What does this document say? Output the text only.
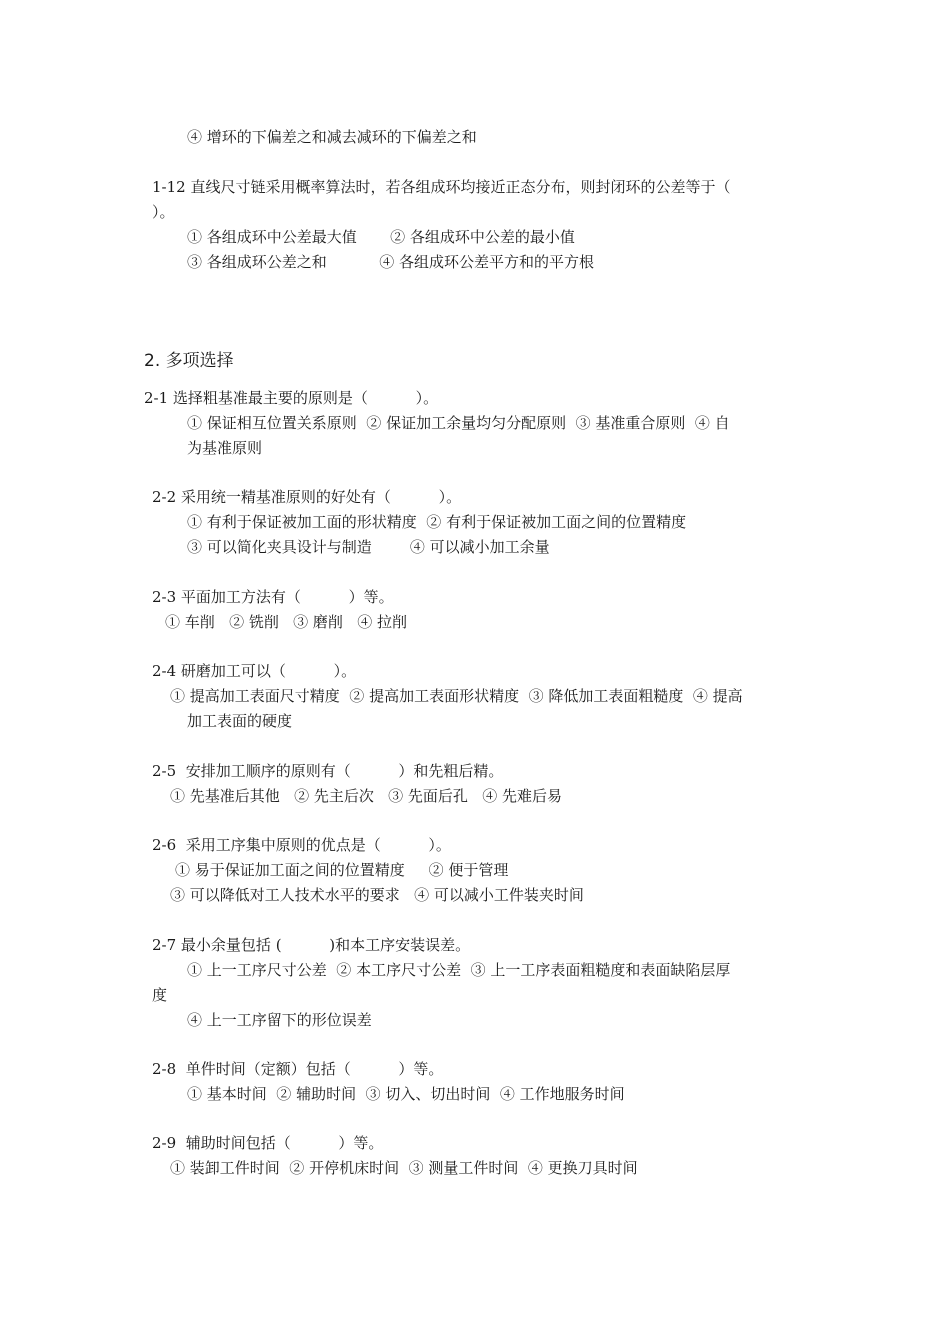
④ 增环的下偏差之和减去减环的下偏差之和
1-12 直线尺寸链采用概率算法时，若各组成环均接近正态分布，则封闭环的公差等于（
）。
① 各组成环中公差最大值       ② 各组成环中公差的最小值
③ 各组成环公差之和           ④ 各组成环公差平方和的平方根
2. 多项选择
2-1 选择粗基准最主要的原则是（          ）。
① 保证相互位置关系原则  ② 保证加工余量均匀分配原则  ③ 基准重合原则  ④ 自
为基准原则
2-2 采用统一精基准原则的好处有（          ）。
① 有利于保证被加工面的形状精度  ② 有利于保证被加工面之间的位置精度
③ 可以简化夹具设计与制造        ④ 可以减小加工余量
2-3 平面加工方法有（          ）等。
① 车削   ② 铣削   ③ 磨削   ④ 拉削
2-4 研磨加工可以（          ）。
① 提高加工表面尺寸精度  ② 提高加工表面形状精度  ③ 降低加工表面粗糙度  ④ 提高
加工表面的硬度
2-5  安排加工顺序的原则有（          ）和先粗后精。
① 先基准后其他   ② 先主后次   ③ 先面后孔   ④ 先难后易
2-6  采用工序集中原则的优点是（          ）。
① 易于保证加工面之间的位置精度     ② 便于管理
③ 可以降低对工人技术水平的要求   ④ 可以减小工件装夹时间
2-7 最小余量包括 (          )和本工序安装误差。
① 上一工序尺寸公差  ② 本工序尺寸公差  ③ 上一工序表面粗糙度和表面缺陷层厚
度
④ 上一工序留下的形位误差
2-8  单件时间（定额）包括（          ）等。
① 基本时间  ② 辅助时间  ③ 切入、切出时间  ④ 工作地服务时间
2-9  辅助时间包括（          ）等。
① 装卸工件时间  ② 开停机床时间  ③ 测量工件时间  ④ 更换刀具时间
